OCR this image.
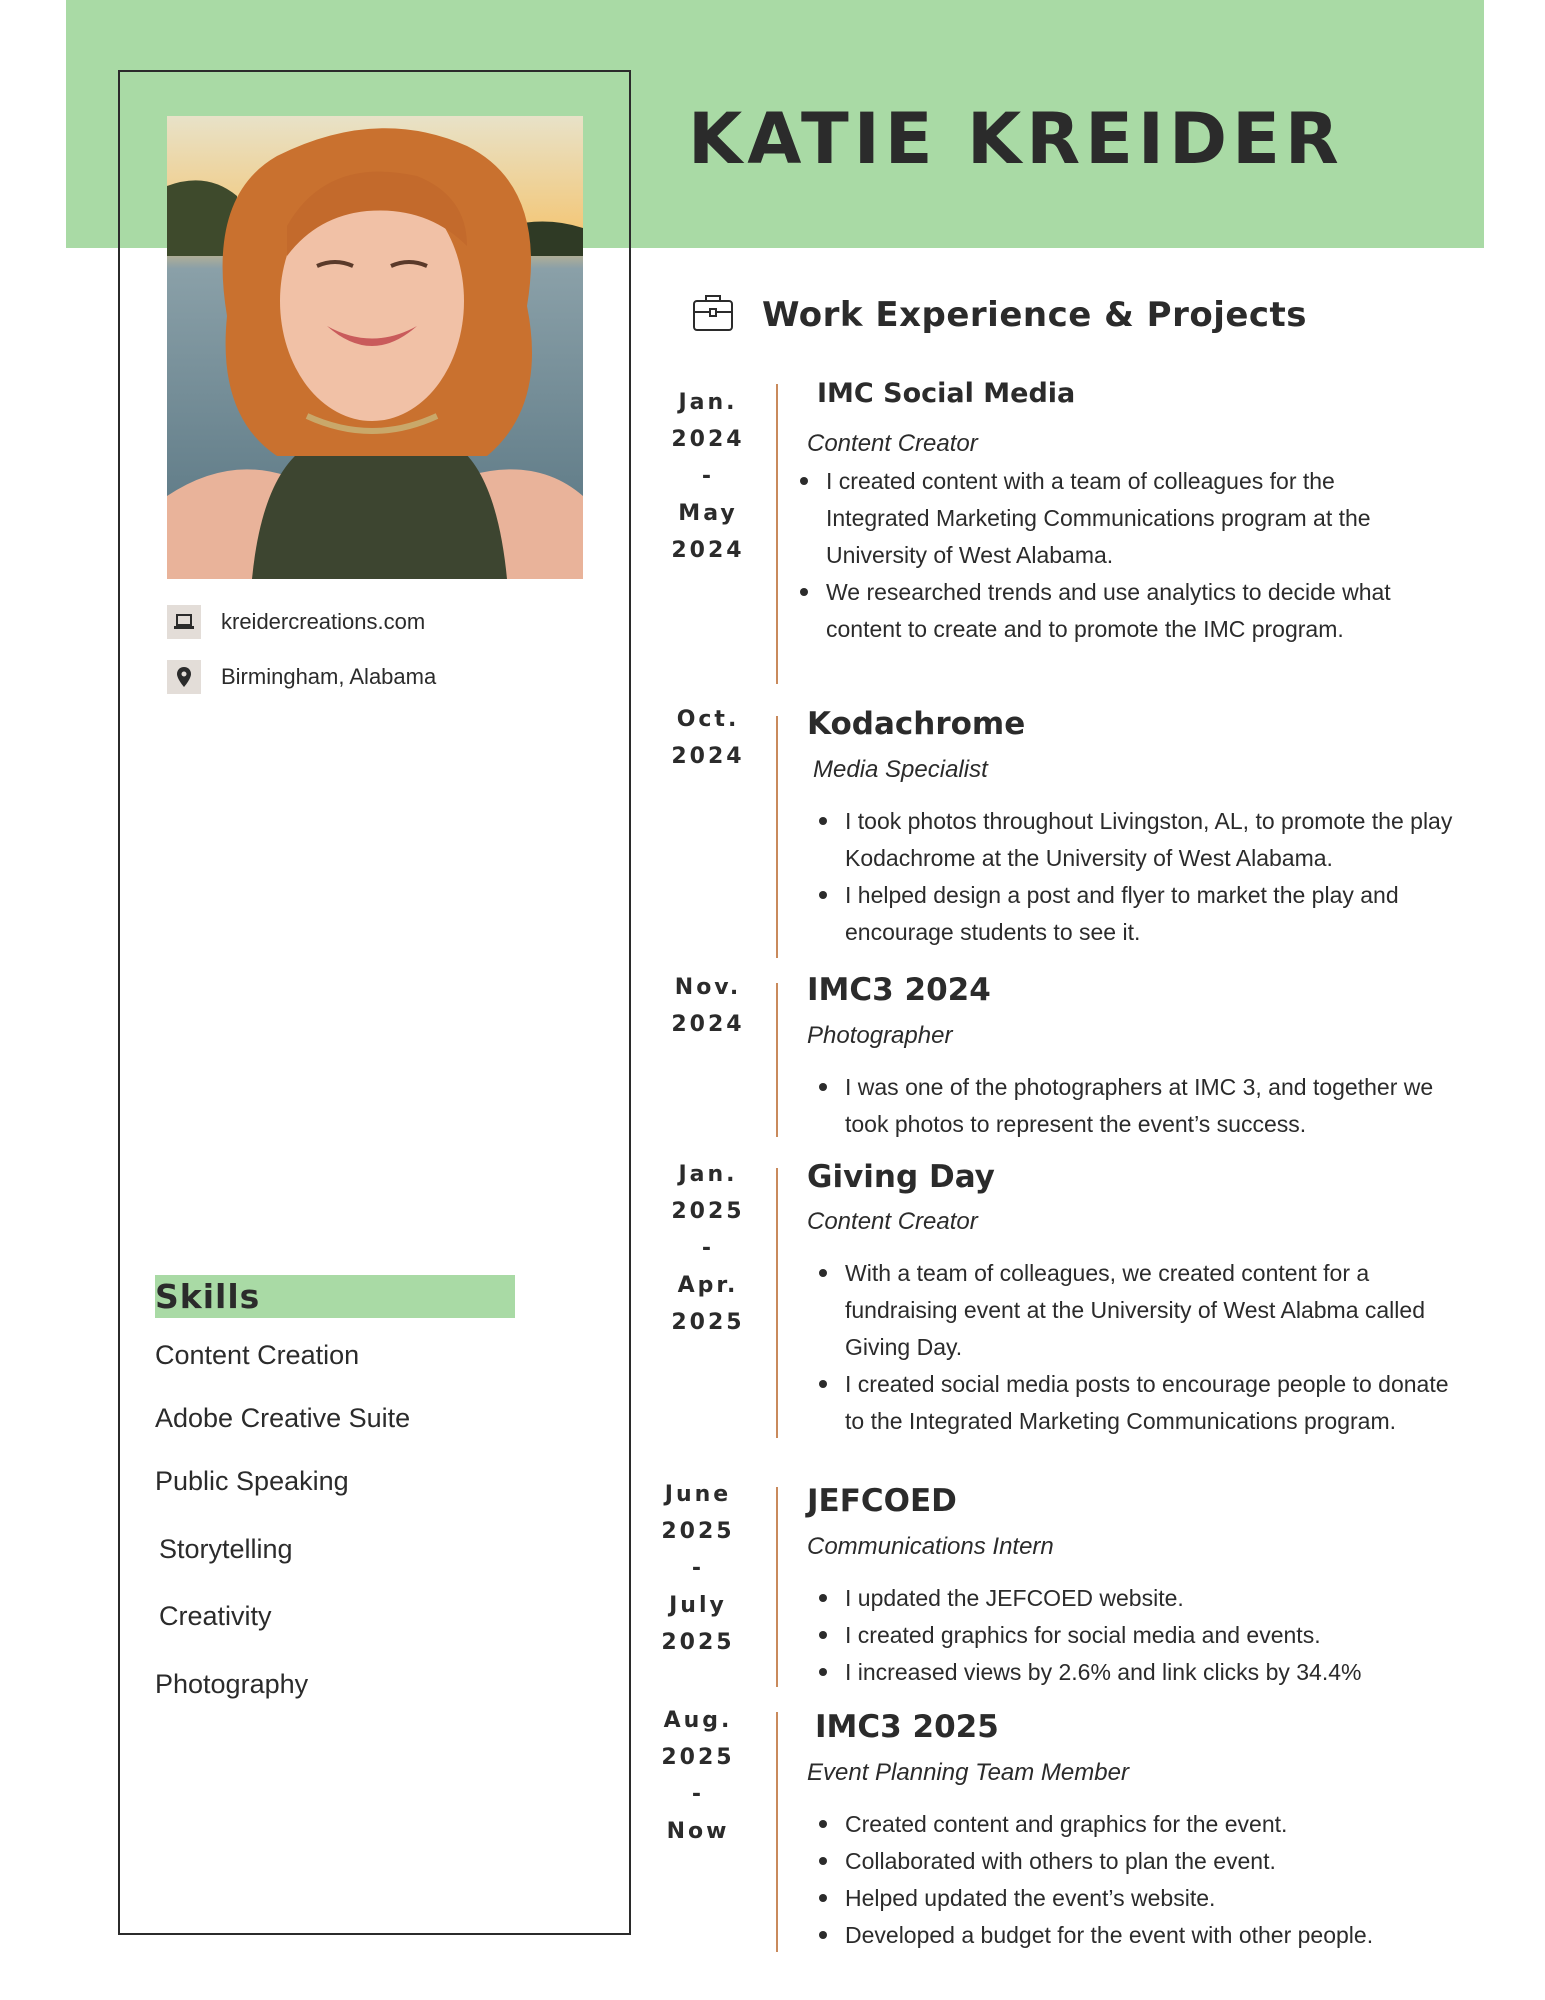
KATIE KREIDER
kreidercreations.com
Birmingham, Alabama
Skills
Content Creation
Adobe Creative Suite
Public Speaking
Storytelling
Creativity
Photography
Work Experience & Projects
Jan.
2024
-
May
2024
IMC Social Media
Content Creator
I created content with a team of colleagues for the Integrated Marketing Communications program at the University of West Alabama.
We researched trends and use analytics to decide what content to create and to promote the IMC program.
Oct.
2024
Kodachrome
Media Specialist
I took photos throughout Livingston, AL, to promote the play Kodachrome at the University of West Alabama.
I helped design a post and flyer to market the play and encourage students to see it.
Nov.
2024
IMC3 2024
Photographer
I was one of the photographers at IMC 3, and together we took photos to represent the event’s success.
Jan.
2025
-
Apr.
2025
Giving Day
Content Creator
With a team of colleagues, we created content for a fundraising event at the University of West Alabma called Giving Day.
I created social media posts to encourage people to donate to the Integrated Marketing Communications program.
June
2025
-
July
2025
JEFCOED
Communications Intern
I updated the JEFCOED website.
I created graphics for social media and events.
I increased views by 2.6% and link clicks by 34.4%
Aug.
2025
-
Now
IMC3 2025
Event Planning Team Member
Created content and graphics for the event.
Collaborated with others to plan the event.
Helped updated the event’s website.
Developed a budget for the event with other people.
